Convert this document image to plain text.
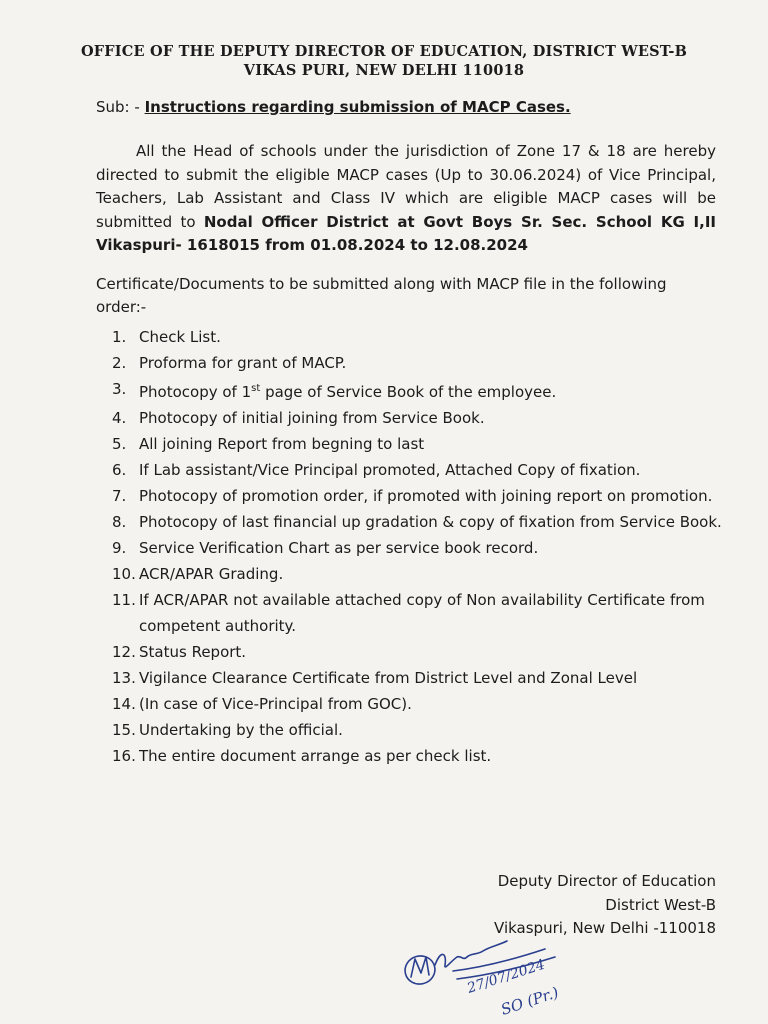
OFFICE OF THE DEPUTY DIRECTOR OF EDUCATION, DISTRICT WEST-B
VIKAS PURI, NEW DELHI 110018
Sub: - Instructions regarding submission of MACP Cases.
All the Head of schools under the jurisdiction of Zone 17 & 18 are hereby directed to submit the eligible MACP cases (Up to 30.06.2024) of Vice Principal, Teachers, Lab Assistant and Class IV which are eligible MACP cases will be submitted to Nodal Officer District at Govt Boys Sr. Sec. School KG I,II Vikaspuri- 1618015 from 01.08.2024 to 12.08.2024
Certificate/Documents to be submitted along with MACP file in the following order:-
1. Check List.
2. Proforma for grant of MACP.
3. Photocopy of 1st page of Service Book of the employee.
4. Photocopy of initial joining from Service Book.
5. All joining Report from begning to last
6. If Lab assistant/Vice Principal promoted, Attached Copy of fixation.
7. Photocopy of promotion order, if promoted with joining report on promotion.
8. Photocopy of last financial up gradation & copy of fixation from Service Book.
9. Service Verification Chart as per service book record.
10. ACR/APAR Grading.
11. If ACR/APAR not available attached copy of Non availability Certificate from competent authority.
12. Status Report.
13. Vigilance Clearance Certificate from District Level and Zonal Level
14. (In case of Vice-Principal from GOC).
15. Undertaking by the official.
16. The entire document arrange as per check list.
Deputy Director of Education
District West-B
Vikaspuri, New Delhi -110018
27/07/2024
SO (Pr.)
